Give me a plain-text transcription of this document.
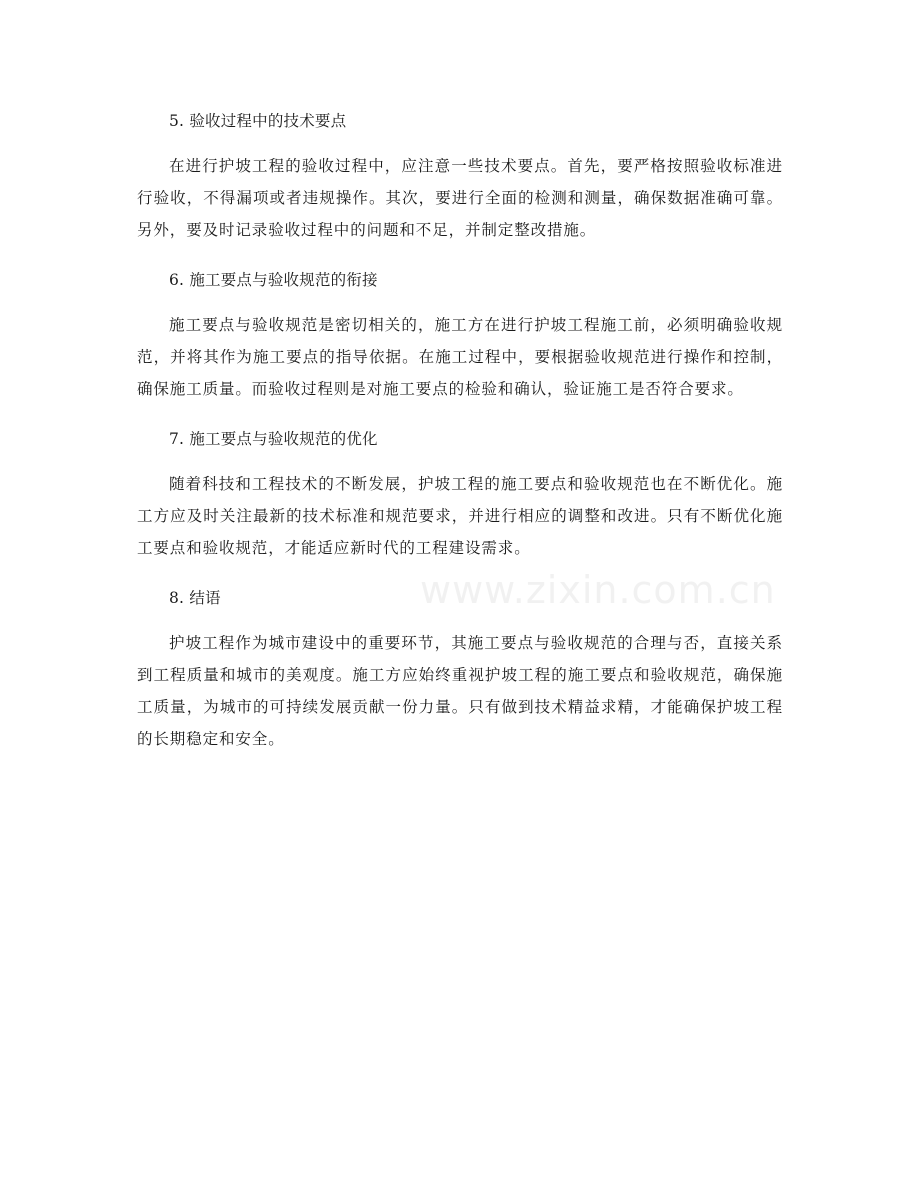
5. 验收过程中的技术要点

在进行护坡工程的验收过程中，应注意一些技术要点。首先，要严格按照验收标准进行验收，不得漏项或者违规操作。其次，要进行全面的检测和测量，确保数据准确可靠。另外，要及时记录验收过程中的问题和不足，并制定整改措施。

6. 施工要点与验收规范的衔接

施工要点与验收规范是密切相关的，施工方在进行护坡工程施工前，必须明确验收规范，并将其作为施工要点的指导依据。在施工过程中，要根据验收规范进行操作和控制，确保施工质量。而验收过程则是对施工要点的检验和确认，验证施工是否符合要求。

7. 施工要点与验收规范的优化

随着科技和工程技术的不断发展，护坡工程的施工要点和验收规范也在不断优化。施工方应及时关注最新的技术标准和规范要求，并进行相应的调整和改进。只有不断优化施工要点和验收规范，才能适应新时代的工程建设需求。

8. 结语

护坡工程作为城市建设中的重要环节，其施工要点与验收规范的合理与否，直接关系到工程质量和城市的美观度。施工方应始终重视护坡工程的施工要点和验收规范，确保施工质量，为城市的可持续发展贡献一份力量。只有做到技术精益求精，才能确保护坡工程的长期稳定和安全。

www.zixin.com.cn
